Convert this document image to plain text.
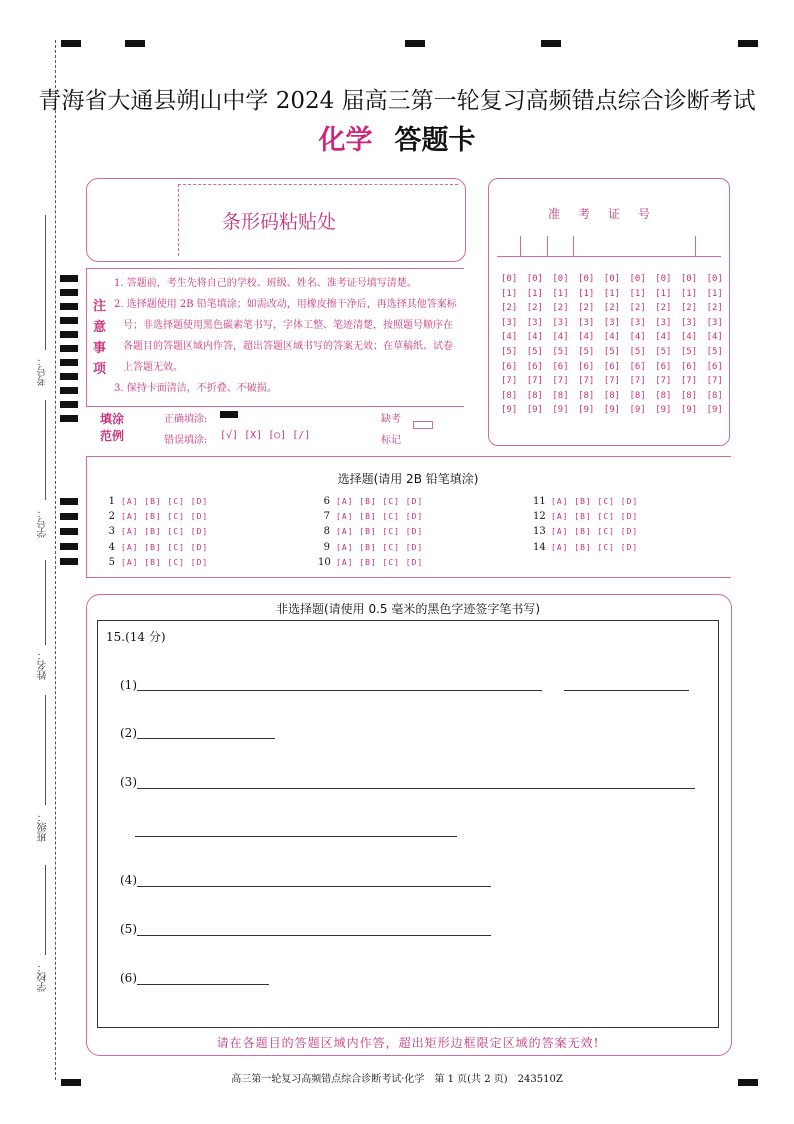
考号：
学号：
姓名：
班级：
学校：
青海省大通县朔山中学 2024 届高三第一轮复习高频错点综合诊断考试
化学 答题卡
条形码粘贴处
注
意
事
项
1. 答题前，考生先将自己的学校、班级、姓名、准考证号填写清楚。
2. 选择题使用 2B 铅笔填涂；如需改动，用橡皮擦干净后，再选择其他答案标
号；非选择题使用黑色碳素笔书写，字体工整、笔迹清楚，按照题号顺序在
各题目的答题区域内作答，超出答题区域书写的答案无效；在草稿纸、试卷
上答题无效。
3. 保持卡面清洁，不折叠、不破损。
填涂
范例
正确填涂:
错误填涂: [√] [X] [○] [/]
缺考
标记
准考证号
[0]
[1]
[2]
[3]
[4]
[5]
[6]
[7]
[8]
[9]
[0]
[1]
[2]
[3]
[4]
[5]
[6]
[7]
[8]
[9]
[0]
[1]
[2]
[3]
[4]
[5]
[6]
[7]
[8]
[9]
[0]
[1]
[2]
[3]
[4]
[5]
[6]
[7]
[8]
[9]
[0]
[1]
[2]
[3]
[4]
[5]
[6]
[7]
[8]
[9]
[0]
[1]
[2]
[3]
[4]
[5]
[6]
[7]
[8]
[9]
[0]
[1]
[2]
[3]
[4]
[5]
[6]
[7]
[8]
[9]
[0]
[1]
[2]
[3]
[4]
[5]
[6]
[7]
[8]
[9]
[0]
[1]
[2]
[3]
[4]
[5]
[6]
[7]
[8]
[9]
选择题(请用 2B 铅笔填涂)
1 [A] [B] [C] [D]
2 [A] [B] [C] [D]
3 [A] [B] [C] [D]
4 [A] [B] [C] [D]
5 [A] [B] [C] [D]
6 [A] [B] [C] [D]
7 [A] [B] [C] [D]
8 [A] [B] [C] [D]
9 [A] [B] [C] [D]
10 [A] [B] [C] [D]
11 [A] [B] [C] [D]
12 [A] [B] [C] [D]
13 [A] [B] [C] [D]
14 [A] [B] [C] [D]
非选择题(请使用 0.5 毫米的黑色字迹签字笔书写)
15.(14 分)
(1)
(2)
(3)
(4)
(5)
(6)
请在各题目的答题区域内作答，超出矩形边框限定区域的答案无效!
高三第一轮复习高频错点综合诊断考试·化学　第 1 页(共 2 页)　243510Z
